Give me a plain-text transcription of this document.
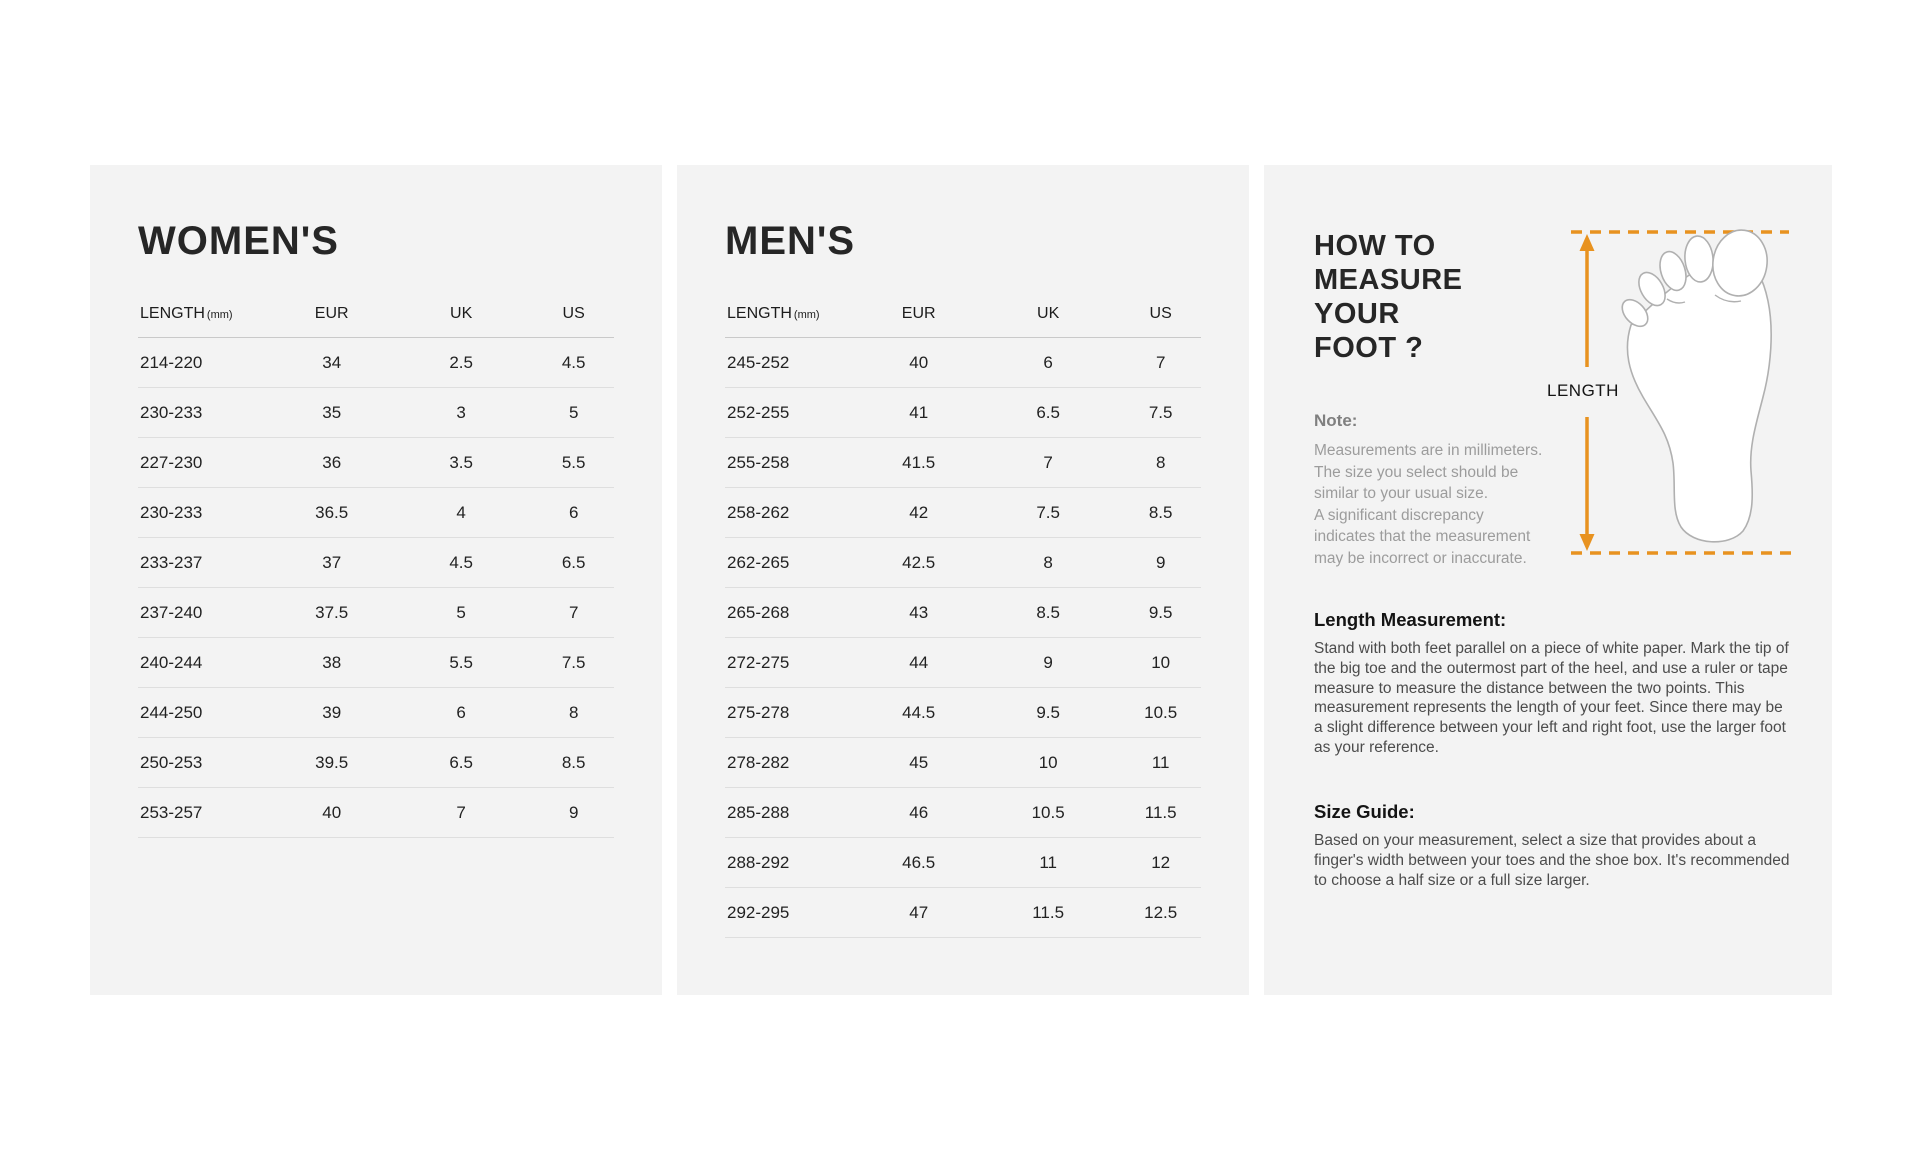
WOMEN'S
LENGTH (mm)	EUR	UK	US
214-220	34	2.5	4.5
230-233	35	3	5
227-230	36	3.5	5.5
230-233	36.5	4	6
233-237	37	4.5	6.5
237-240	37.5	5	7
240-244	38	5.5	7.5
244-250	39	6	8
250-253	39.5	6.5	8.5
253-257	40	7	9
MEN'S
LENGTH (mm)	EUR	UK	US
245-252	40	6	7
252-255	41	6.5	7.5
255-258	41.5	7	8
258-262	42	7.5	8.5
262-265	42.5	8	9
265-268	43	8.5	9.5
272-275	44	9	10
275-278	44.5	9.5	10.5
278-282	45	10	11
285-288	46	10.5	11.5
288-292	46.5	11	12
292-295	47	11.5	12.5
HOW TO
MEASURE
YOUR
FOOT ?
Note:
Measurements are in millimeters.
The size you select should be
similar to your usual size.
A significant discrepancy
indicates that the measurement
may be incorrect or inaccurate.
LENGTH
Length Measurement:

Stand with both feet parallel on a piece of white paper. Mark the tip of the big toe and the outermost part of the heel, and use a ruler or tape measure to measure the distance between the two points. This measurement represents the length of your feet. Since there may be a slight difference between your left and right foot, use the larger foot as your reference.

Size Guide:

Based on your measurement, select a size that provides about a finger's width between your toes and the shoe box. It's recommended to choose a half size or a full size larger.
